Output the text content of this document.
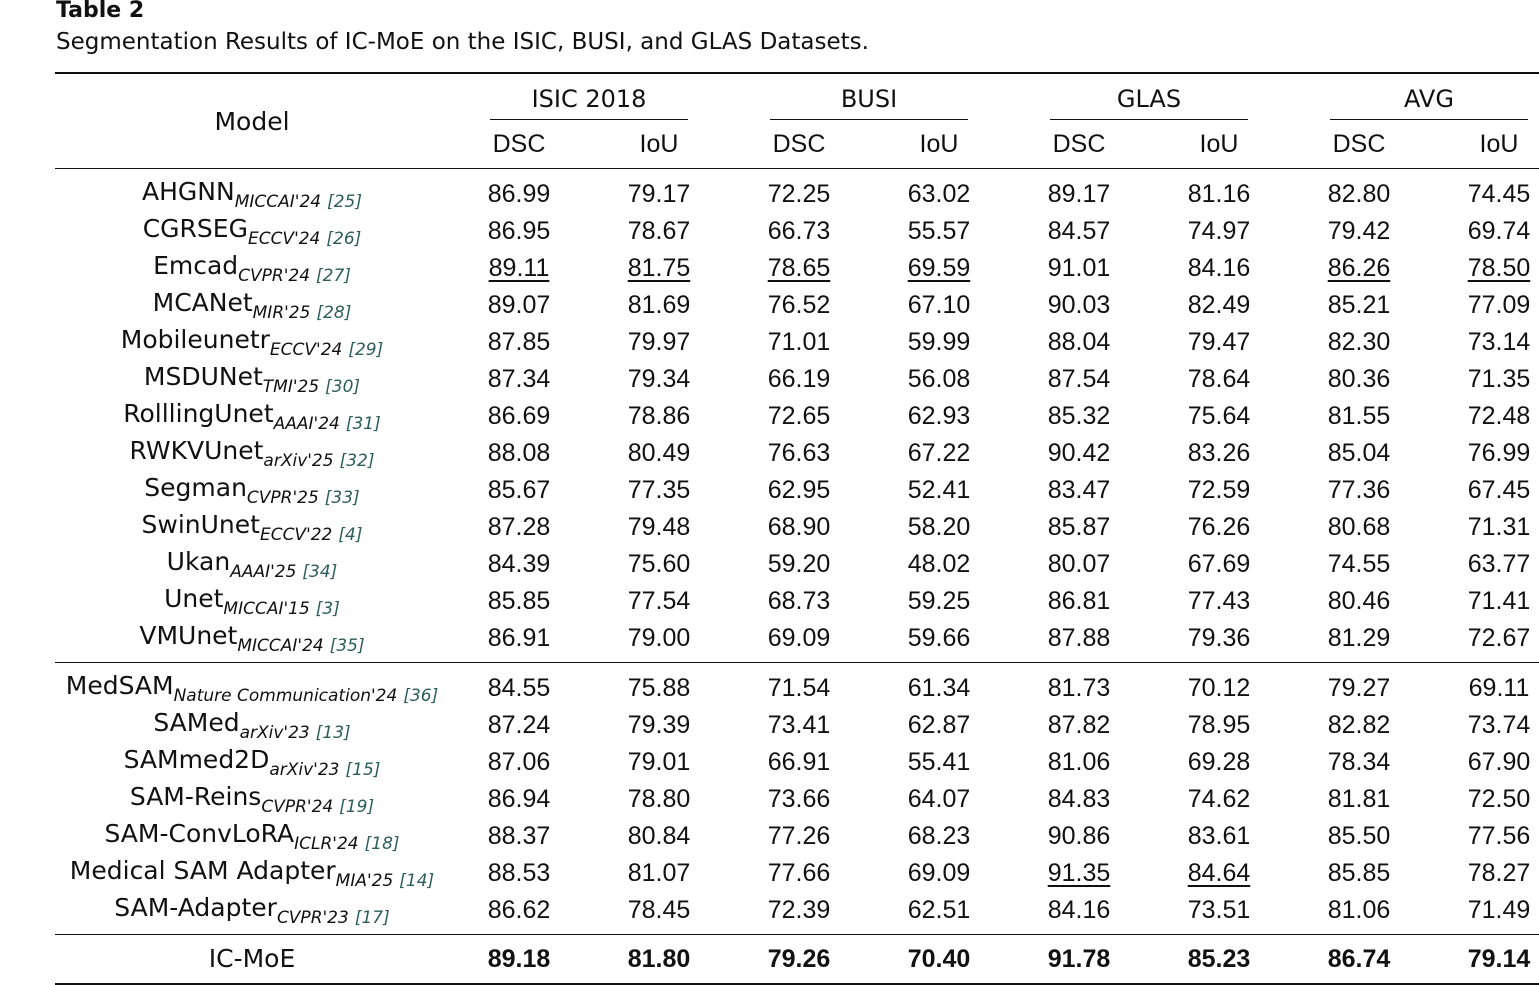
Table 2
Segmentation Results of IC-MoE on the ISIC, BUSI, and GLAS Datasets.
Model	ISIC 2018		BUSI		GLAS		AVG	
	DSC	IoU	DSC	IoU	DSC	IoU	DSC	IoU
$AHGNN_{MICCAI'24}$ $_{[25]}$	86.99	79.17	72.25	63.02	89.17	81.16	82.80	74.45
$CGRSEG_{ECCV'24}$ $_{[26]}$	86.95	78.67	66.73	55.57	84.57	74.97	79.42	69.74
Emcad$_{CVPR'24}$ $_{[27]}$	89.11	81.75	78.65	69.59	91.01	84.16	86.26	78.50
MCANet$_{MIR'25}$ $_{[28]}$	89.07	81.69	76.52	67.10	90.03	82.49	85.21	77.09
Mobileunetr$_{ECCV'24}$ $_{[29]}$	87.85	79.97	71.01	59.99	88.04	79.47	82.30	73.14
MSDUNet$_{TMI'25}$ $_{[30]}$	87.34	79.34	66.19	56.08	87.54	78.64	80.36	71.35
RolllingUnet$_{AAAI'24}$ $_{[31]}$	86.69	78.86	72.65	62.93	85.32	75.64	81.55	72.48
RWKVUnet$_{arXiv'25}$ $_{[32]}$	88.08	80.49	76.63	67.22	90.42	83.26	85.04	76.99
Segman$_{CVPR'25}$ $_{[33]}$	85.67	77.35	62.95	52.41	83.47	72.59	77.36	67.45
SwinUnet$_{ECCV'22}$ $_{[4]}$	87.28	79.48	68.90	58.20	85.87	76.26	80.68	71.31
Ukan$_{AAAI'25}$ $_{[34]}$	84.39	75.60	59.20	48.02	80.07	67.69	74.55	63.77
Unet$_{MICCAI'15}$ $_{[3]}$	85.85	77.54	68.73	59.25	86.81	77.43	80.46	71.41
VMUnet$_{MICCAI'24}$ $_{[35]}$	86.91	79.00	69.09	59.66	87.88	79.36	81.29	72.67
MedSAM$_{Nature Communication'24}$ $_{[36]}$	84.55	75.88	71.54	61.34	81.73	70.12	79.27	69.11
SAMed$_{arXiv'23}$ $_{[13]}$	87.24	79.39	73.41	62.87	87.82	78.95	82.82	73.74
$SAMmed2D_{arXiv'23}$ $_{[15]}$	87.06	79.01	66.91	55.41	81.06	69.28	78.34	67.90
SAM-Reins$_{CVPR'24}$ $_{[19]}$	86.94	78.80	73.66	64.07	84.83	74.62	81.81	72.50
SAM-ConvLoRA$_{ICLR'24}$ $_{[18]}$	88.37	80.84	77.26	68.23	90.86	83.61	85.50	77.56
Medical SAM Adapter$_{MIA'25}$ $_{[14]}$	88.53	81.07	77.66	69.09	91.35	84.64	85.85	78.27
SAM-Adapter$_{CVPR'23}$ $_{[17]}$	86.62	78.45	72.39	62.51	84.16	73.51	81.06	71.49
IC-MoE	89.18	81.80	79.26	70.40	91.78	85.23	86.74	79.14
